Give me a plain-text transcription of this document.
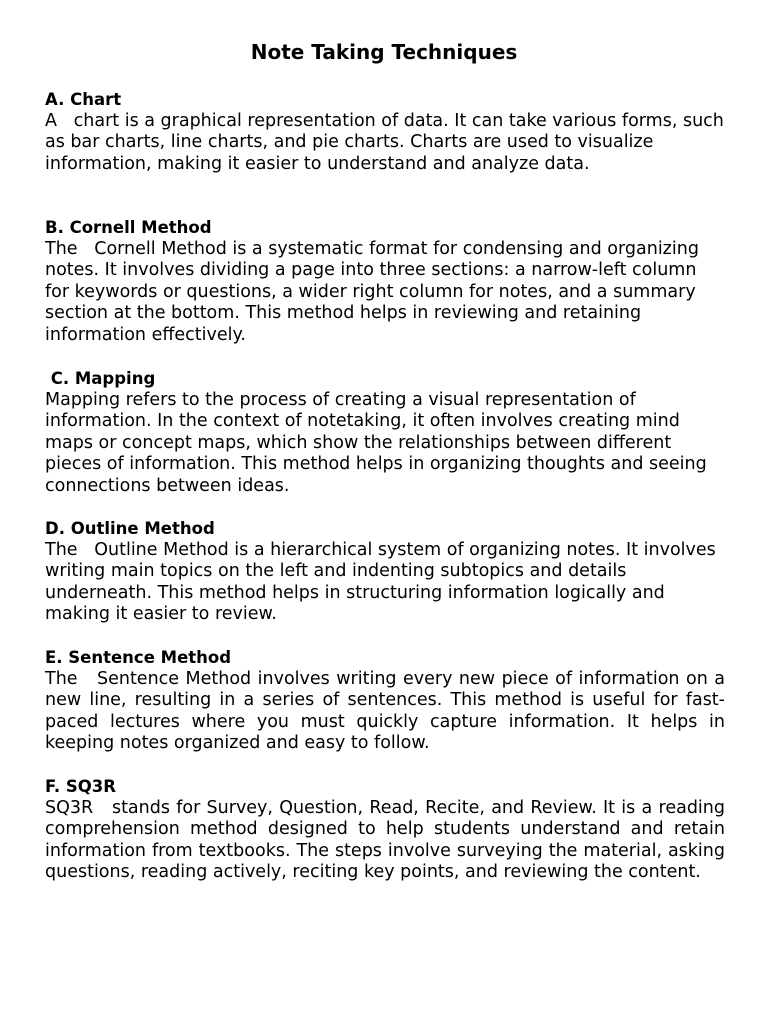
Note Taking Techniques

A. Chart

A   chart is a graphical representation of data. It can take various forms, such as bar charts, line charts, and pie charts. Charts are used to visualize information, making it easier to understand and analyze data.

B. Cornell Method

The   Cornell Method is a systematic format for condensing and organizing notes. It involves dividing a page into three sections: a narrow-left column for keywords or questions, a wider right column for notes, and a summary section at the bottom. This method helps in reviewing and retaining information effectively.

C. Mapping

Mapping refers to the process of creating a visual representation of information. In the context of notetaking, it often involves creating mind maps or concept maps, which show the relationships between different pieces of information. This method helps in organizing thoughts and seeing connections between ideas.

D. Outline Method

The   Outline Method is a hierarchical system of organizing notes. It involves writing main topics on the left and indenting subtopics and details underneath. This method helps in structuring information logically and making it easier to review.

E. Sentence Method

The   Sentence Method involves writing every new piece of information on a new line, resulting in a series of sentences. This method is useful for fast-paced lectures where you must quickly capture information. It helps in keeping notes organized and easy to follow.

F. SQ3R

SQ3R   stands for Survey, Question, Read, Recite, and Review. It is a reading comprehension method designed to help students understand and retain information from textbooks. The steps involve surveying the material, asking questions, reading actively, reciting key points, and reviewing the content.
